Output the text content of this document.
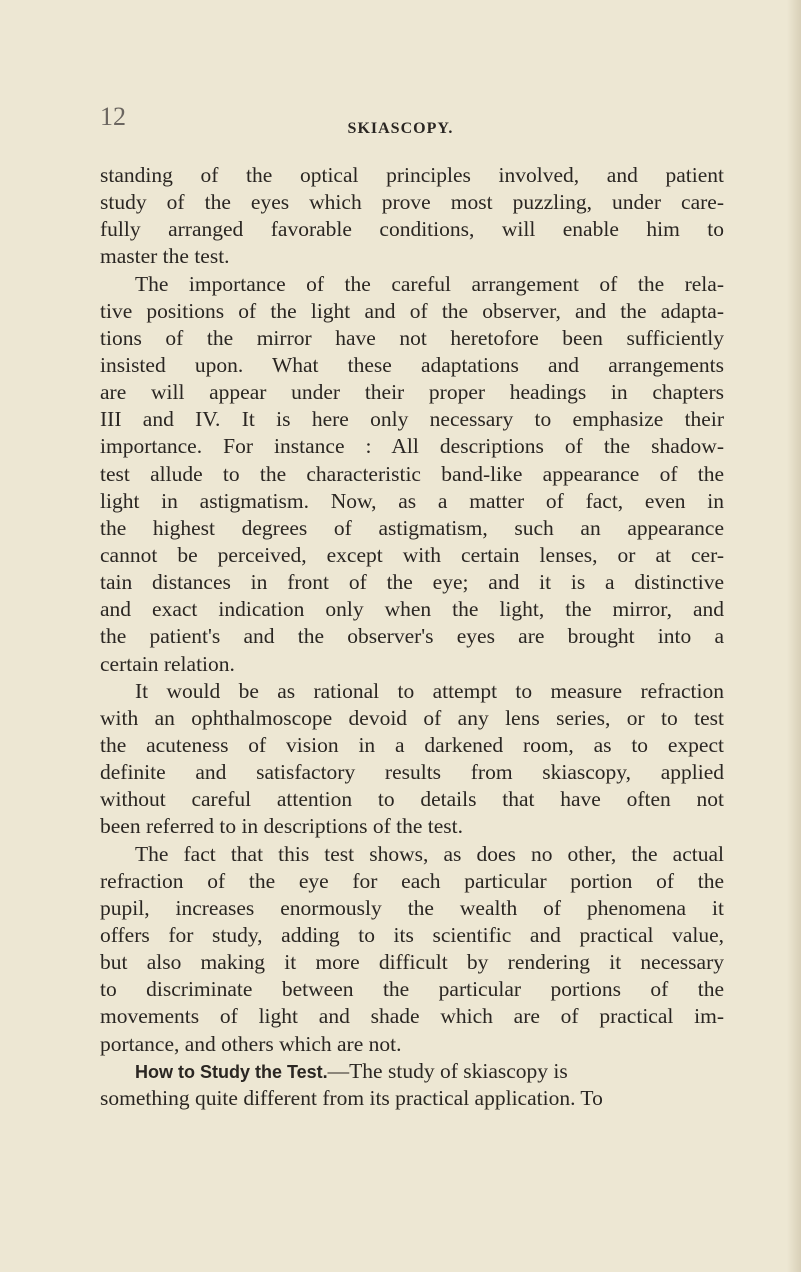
12	SKIASCOPY.
standing of the optical principles involved, and patient
study of the eyes which prove most puzzling, under care-
fully arranged favorable conditions, will enable him to
master the test.
The importance of the careful arrangement of the rela-
tive positions of the light and of the observer, and the adapta-
tions of the mirror have not heretofore been sufficiently
insisted upon. What these adaptations and arrangements
are will appear under their proper headings in chapters
III and IV. It is here only necessary to emphasize their
importance. For instance : All descriptions of the shadow-
test allude to the characteristic band-like appearance of the
light in astigmatism. Now, as a matter of fact, even in
the highest degrees of astigmatism, such an appearance
cannot be perceived, except with certain lenses, or at cer-
tain distances in front of the eye; and it is a distinctive
and exact indication only when the light, the mirror, and
the patient's and the observer's eyes are brought into a
certain relation.
It would be as rational to attempt to measure refraction
with an ophthalmoscope devoid of any lens series, or to test
the acuteness of vision in a darkened room, as to expect
definite and satisfactory results from skiascopy, applied
without careful attention to details that have often not
been referred to in descriptions of the test.
The fact that this test shows, as does no other, the actual
refraction of the eye for each particular portion of the
pupil, increases enormously the wealth of phenomena it
offers for study, adding to its scientific and practical value,
but also making it more difficult by rendering it necessary
to discriminate between the particular portions of the
movements of light and shade which are of practical im-
portance, and others which are not.
How to Study the Test.—The study of skiascopy is
something quite different from its practical application. To
